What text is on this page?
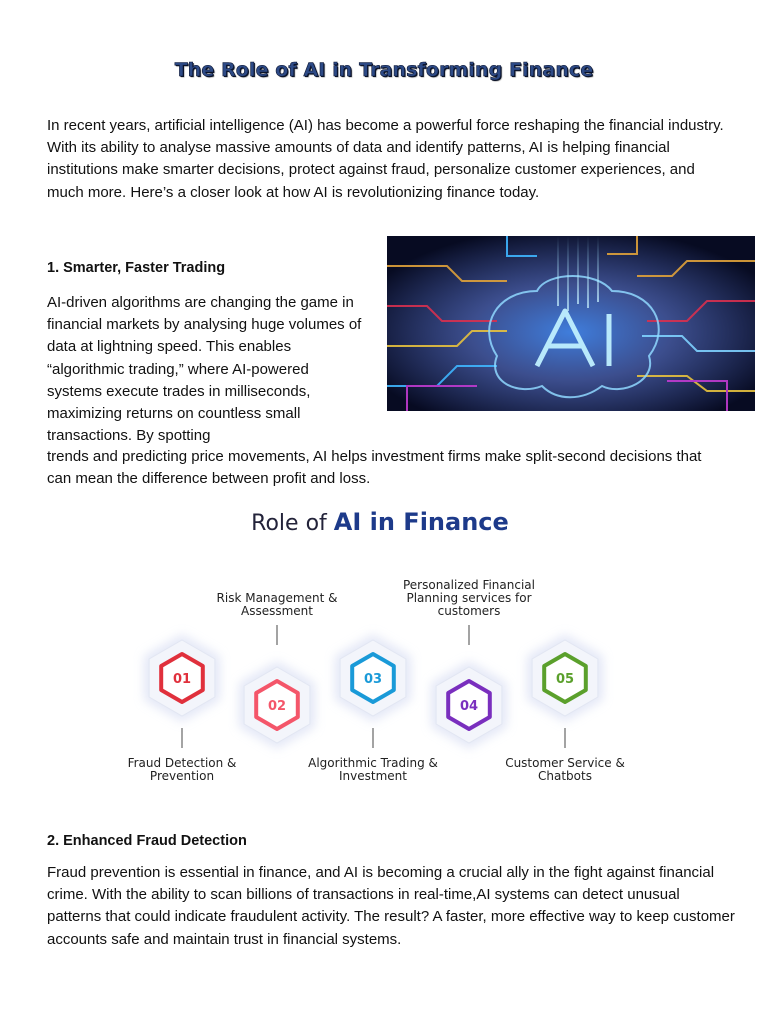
The Role of AI in Transforming Finance

In recent years, artificial intelligence (AI) has become a powerful force reshaping the financial industry. With its ability to analyse massive amounts of data and identify patterns, AI is helping financial institutions make smarter decisions, protect against fraud, personalize customer experiences, and much more. Here’s a closer look at how AI is revolutionizing finance today.

1. Smarter, Faster Trading

AI-driven algorithms are changing the game in financial markets by analysing huge volumes of data at lightning speed. This enables “algorithmic trading,” where AI-powered systems execute trades in milliseconds, maximizing returns on countless small transactions. By spotting

trends and predicting price movements, AI helps investment firms make split-second decisions that can mean the difference between profit and loss.

AI
Role of AI in Finance
01
02
03
04
05
Fraud Detection & Prevention
Risk Management & Assessment
Algorithmic Trading & Investment
Personalized Financial Planning services for customers
Customer Service & Chatbots
2. Enhanced Fraud Detection

Fraud prevention is essential in finance, and AI is becoming a crucial ally in the fight against financial crime. With the ability to scan billions of transactions in real-time,AI systems can detect unusual patterns that could indicate fraudulent activity. The result? A faster, more effective way to keep customer accounts safe and maintain trust in financial systems.
